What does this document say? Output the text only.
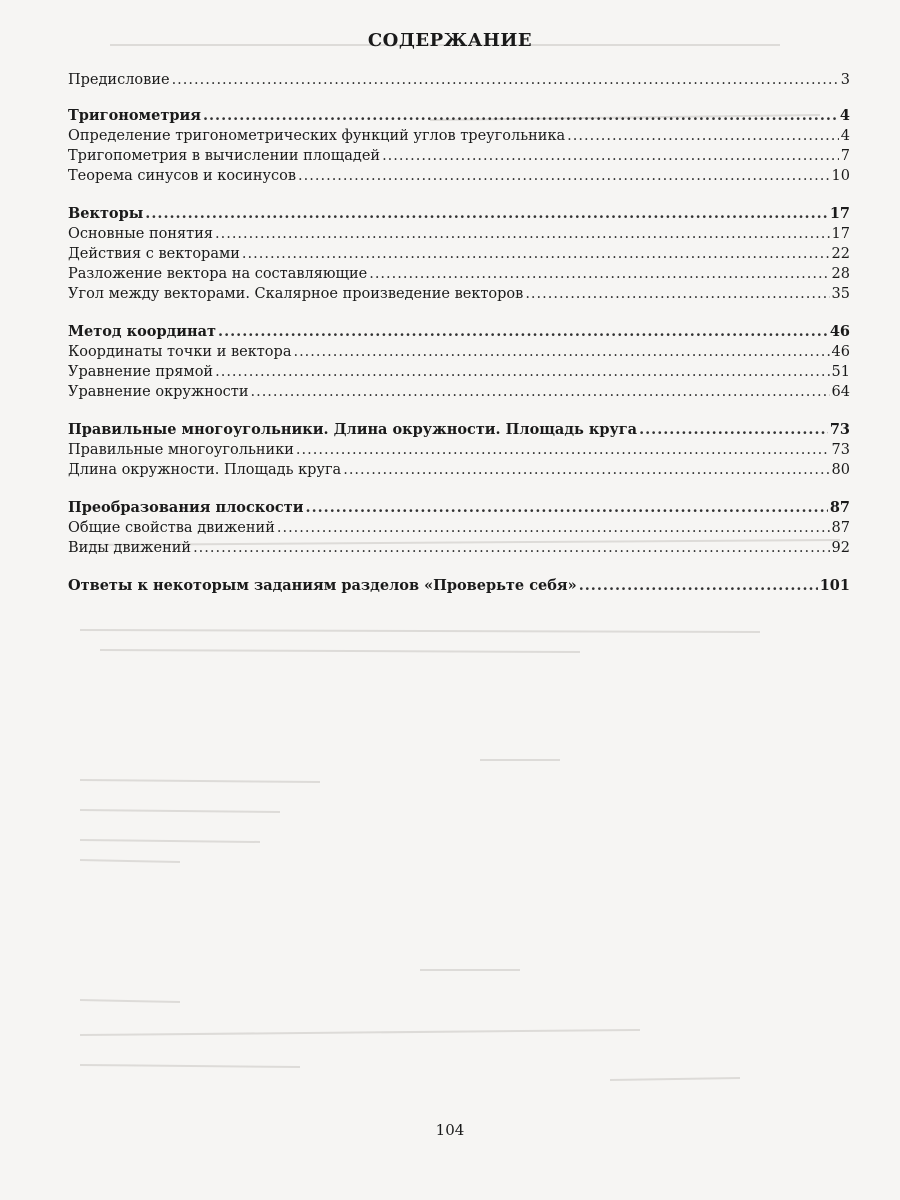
СОДЕРЖАНИЕ
Предисловие .....	3
Тригонометрия .....	4
Определение тригонометрических функций углов треугольника .....	4
Тригопометрия в вычислении площадей .....	7
Теорема синусов и косинусов .....	10
Векторы .....	17
Основные понятия .....	17
Действия с векторами .....	22
Разложение вектора на составляющие .....	28
Угол между векторами. Скалярное произведение векторов .....	35
Метод координат .....	46
Координаты точки и вектора .....	46
Уравнение прямой .....	51
Уравнение окружности .....	64
Правильные многоугольники. Длина окружности. Площадь круга .....	73
Правильные многоугольники .....	73
Длина окружности. Площадь круга .....	80
Преобразования плоскости .....	87
Общие свойства движений .....	87
Виды движений .....	92
Ответы к некоторым заданиям разделов «Проверьте себя» .....	101
104
